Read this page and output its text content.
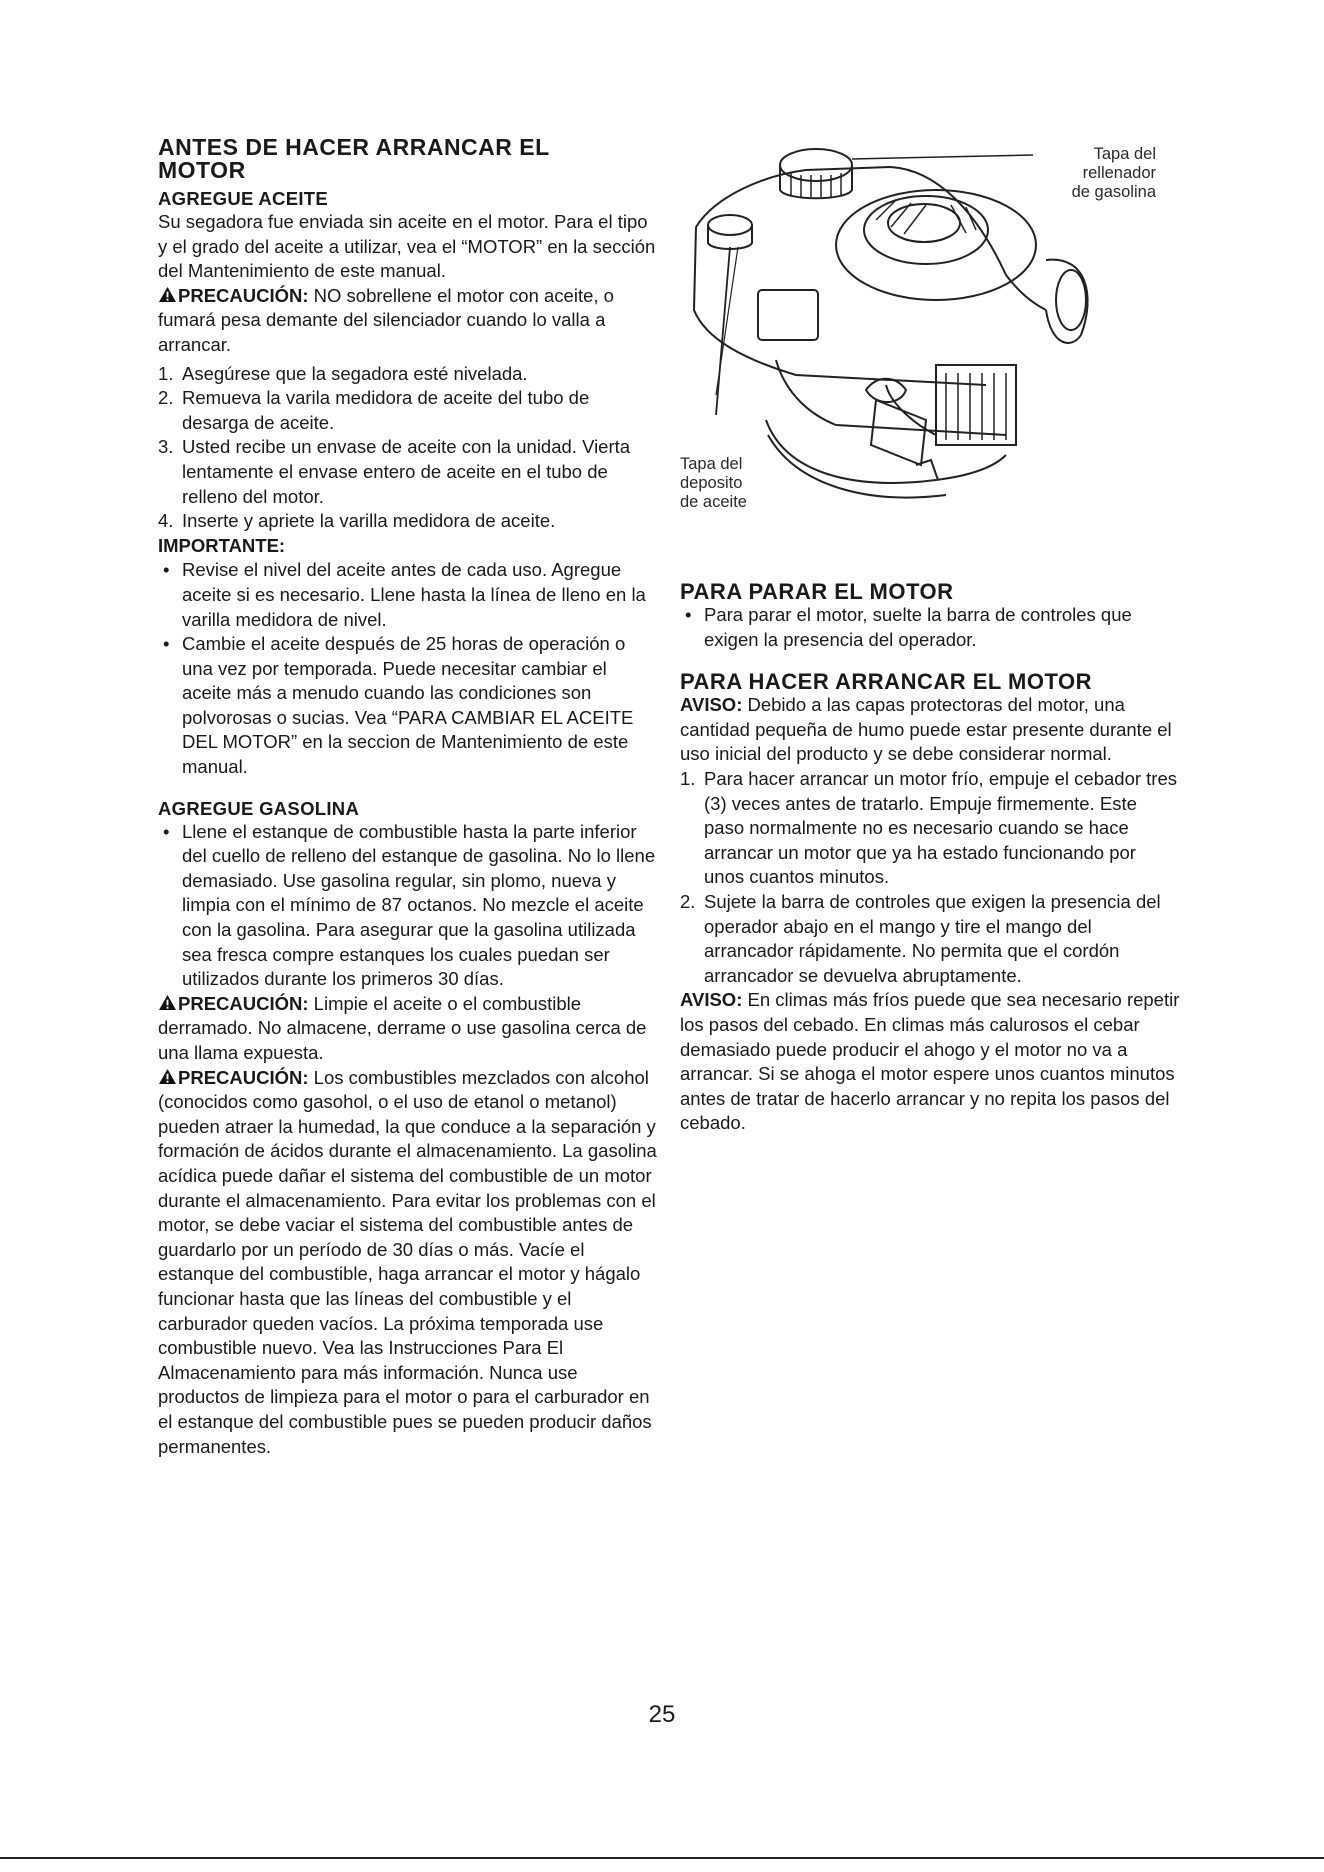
ANTES DE HACER ARRANCAR EL

MOTOR

AGREGUE ACEITE

Su segadora fue enviada sin aceite en el motor. Para el tipo y el grado del aceite a utilizar, vea el “MOTOR” en la sección del Mantenimiento de este manual.

PRECAUCIÓN: NO sobrellene el motor con aceite, o fumará pesa demante del silenciador cuando lo valla a arrancar.

1. Asegúrese que la segadora esté nivelada.
2. Remueva la varila medidora de aceite del tubo de desarga de aceite.
3. Usted recibe un envase de aceite con la unidad. Vierta lentamente el envase entero de aceite en el tubo de relleno del motor.
4. Inserte y apriete la varilla medidora de aceite.

IMPORTANTE:

• Revise el nivel del aceite antes de cada uso. Agregue aceite si es necesario. Llene hasta la línea de lleno en la varilla medidora de nivel.
• Cambie el aceite después de 25 horas de operación o una vez por temporada. Puede necesitar cambiar el aceite más a menudo cuando las condiciones son polvorosas o sucias. Vea “PARA CAMBIAR EL ACEITE DEL MOTOR” en la seccion de Mantenimiento de este manual.

AGREGUE GASOLINA

• Llene el estanque de combustible hasta la parte inferior del cuello de relleno del estanque de gasolina. No lo llene demasiado. Use gasolina regular, sin plomo, nueva y limpia con el mínimo de 87 octanos. No mezcle el aceite con la gasolina. Para asegurar que la gasolina utilizada sea fresca compre estanques los cuales puedan ser utilizados durante los primeros 30 días.

PRECAUCIÓN: Limpie el aceite o el combustible derramado. No almacene, derrame o use gasolina cerca de una llama expuesta.

PRECAUCIÓN: Los combustibles mezclados con alcohol (conocidos como gasohol, o el uso de etanol o metanol) pueden atraer la humedad, la que conduce a la separación y formación de ácidos durante el almacenamiento. La gasolina acídica puede dañar el sistema del combustible de un motor durante el almacenamiento. Para evitar los problemas con el motor, se debe vaciar el sistema del combustible antes de guardarlo por un período de 30 días o más. Vacíe el estanque del combustible, haga arrancar el motor y hágalo funcionar hasta que las líneas del combustible y el carburador queden vacíos. La próxima temporada use combustible nuevo. Vea las Instrucciones Para El Almacenamiento para más información. Nunca use productos de limpieza para el motor o para el carburador en el estanque del combustible pues se pueden producir daños permanentes.

Tapa del
rellenador
de gasolina
Tapa del
deposito
de aceite

PARA PARAR EL MOTOR

• Para parar el motor, suelte la barra de controles que exigen la presencia del operador.

PARA HACER ARRANCAR EL MOTOR

AVISO: Debido a las capas protectoras del motor, una cantidad pequeña de humo puede estar presente durante el uso inicial del producto y se debe considerar normal.

1. Para hacer arrancar un motor frío, empuje el cebador tres (3) veces antes de tratarlo. Empuje firmemente. Este paso normalmente no es necesario cuando se hace arrancar un motor que ya ha estado funcionando por unos cuantos minutos.
2. Sujete la barra de controles que exigen la presencia del operador abajo en el mango y tire el mango del arrancador rápidamente. No permita que el cordón arrancador se devuelva abruptamente.

AVISO: En climas más fríos puede que sea necesario repetir los pasos del cebado. En climas más calurosos el cebar demasiado puede producir el ahogo y el motor no va a arrancar. Si se ahoga el motor espere unos cuantos minutos antes de tratar de hacerlo arrancar y no repita los pasos del cebado.

25
